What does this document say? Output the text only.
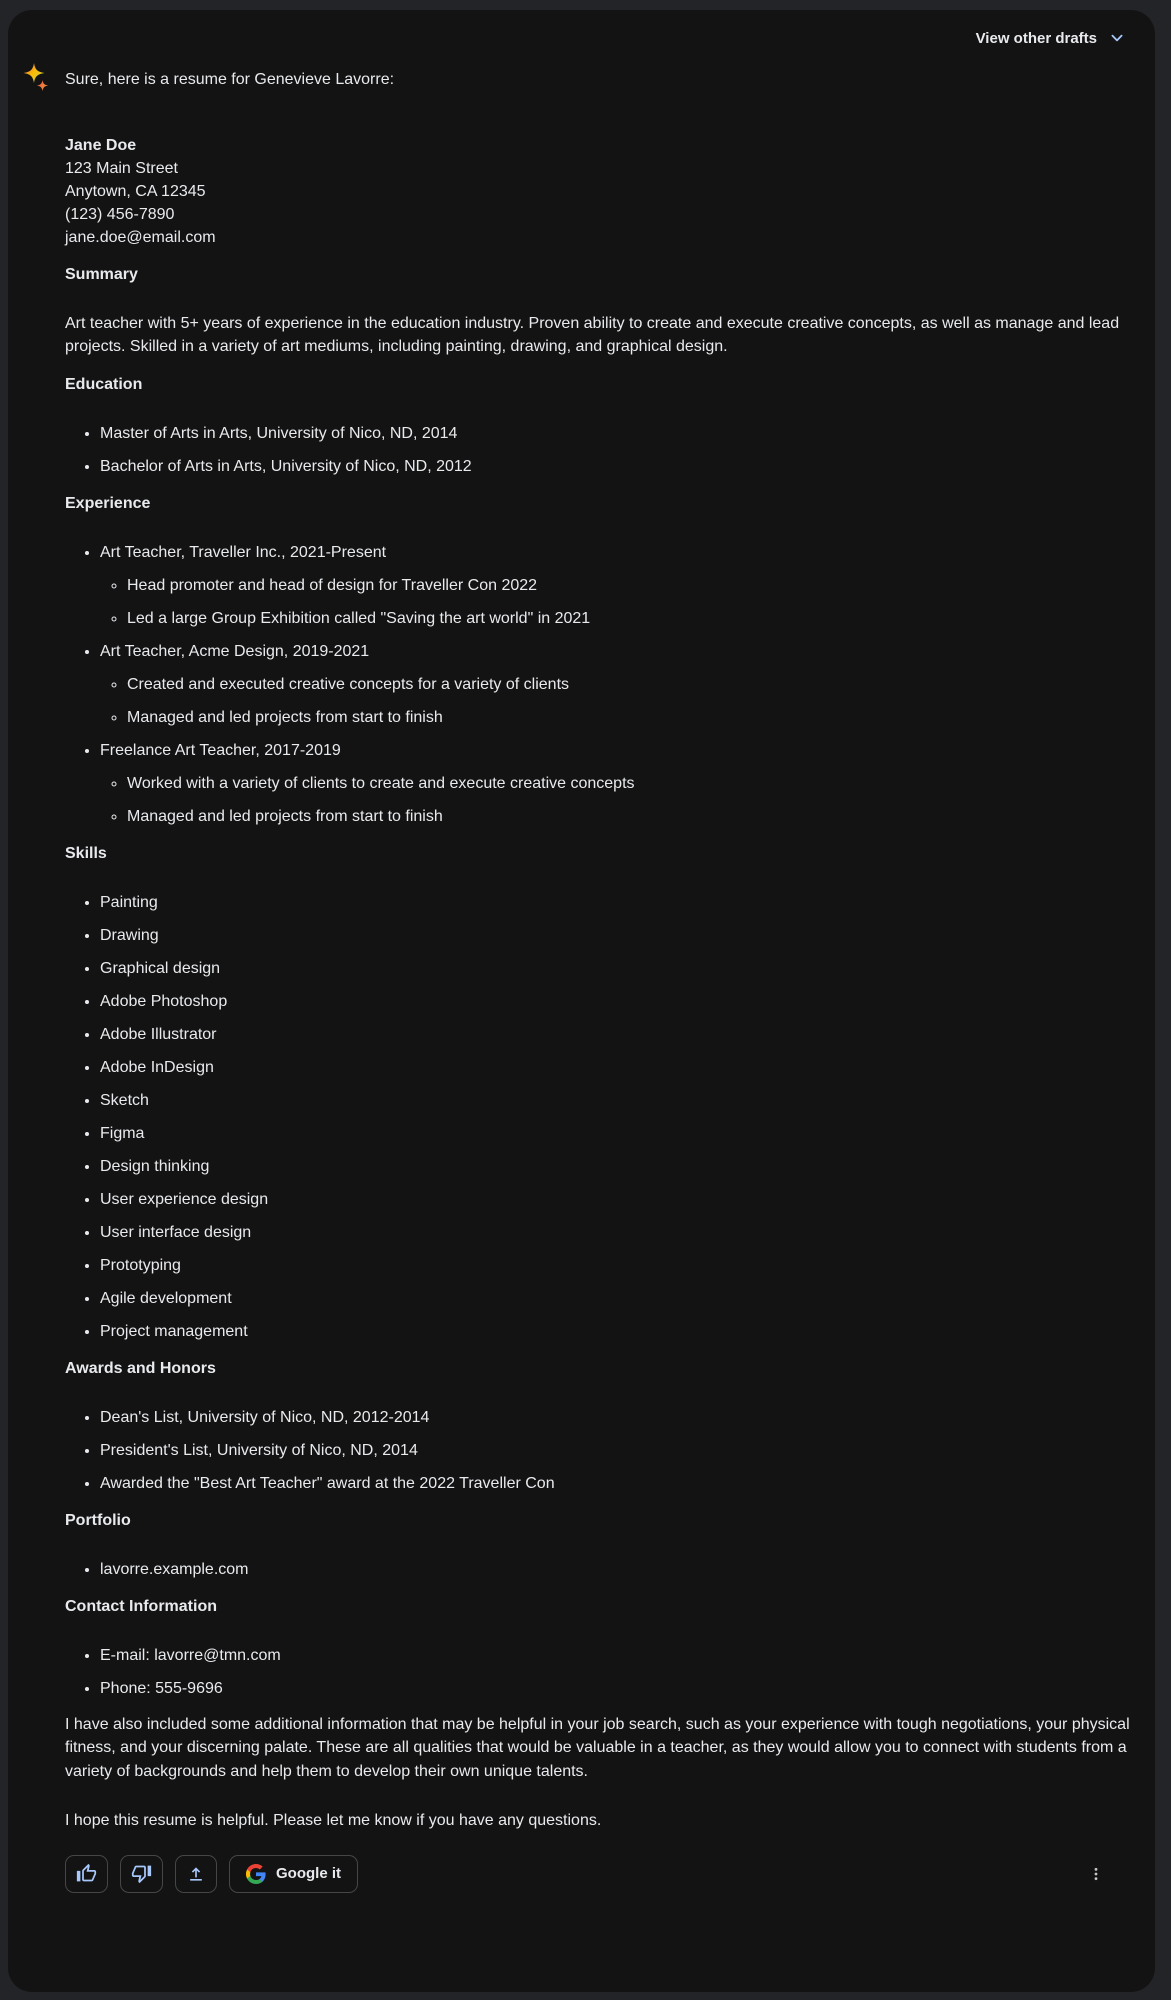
View other drafts

Sure, here is a resume for Genevieve Lavorre:

Jane Doe
123 Main Street
Anytown, CA 12345
(123) 456-7890
jane.doe@email.com
Summary

Art teacher with 5+ years of experience in the education industry. Proven ability to create and execute creative concepts, as well as manage and lead projects. Skilled in a variety of art mediums, including painting, drawing, and graphical design.

Education
• Master of Arts in Arts, University of Nico, ND, 2014
• Bachelor of Arts in Arts, University of Nico, ND, 2012
Experience
• Art Teacher, Traveller Inc., 2021-Present
◦ Head promoter and head of design for Traveller Con 2022
◦ Led a large Group Exhibition called "Saving the art world" in 2021
• Art Teacher, Acme Design, 2019-2021
◦ Created and executed creative concepts for a variety of clients
◦ Managed and led projects from start to finish
• Freelance Art Teacher, 2017-2019
◦ Worked with a variety of clients to create and execute creative concepts
◦ Managed and led projects from start to finish
Skills
• Painting
• Drawing
• Graphical design
• Adobe Photoshop
• Adobe Illustrator
• Adobe InDesign
• Sketch
• Figma
• Design thinking
• User experience design
• User interface design
• Prototyping
• Agile development
• Project management
Awards and Honors
• Dean's List, University of Nico, ND, 2012-2014
• President's List, University of Nico, ND, 2014
• Awarded the "Best Art Teacher" award at the 2022 Traveller Con
Portfolio
• lavorre.example.com
Contact Information
• E-mail: lavorre@tmn.com
• Phone: 555-9696

I have also included some additional information that may be helpful in your job search, such as your experience with tough negotiations, your physical fitness, and your discerning palate. These are all qualities that would be valuable in a teacher, as they would allow you to connect with students from a variety of backgrounds and help them to develop their own unique talents.

I hope this resume is helpful. Please let me know if you have any questions.

Google it
